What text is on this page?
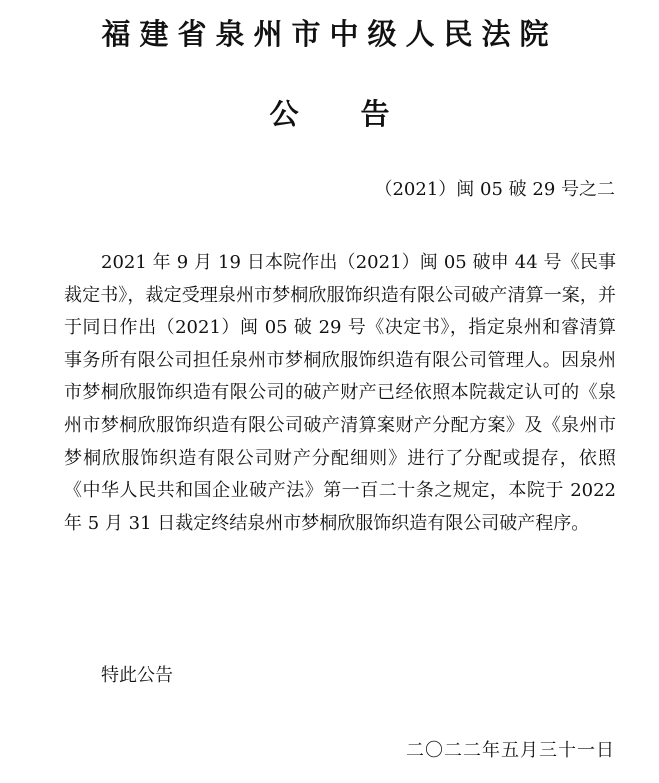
福建省泉州市中级人民法院
公 告
（2021）闽 05 破 29 号之二
2021 年 9 月 19 日本院作出（2021）闽 05 破申 44 号《民事裁定书》，裁定受理泉州市梦桐欣服饰织造有限公司破产清算一案，并于同日作出（2021）闽 05 破 29 号《决定书》，指定泉州和睿清算事务所有限公司担任泉州市梦桐欣服饰织造有限公司管理人。因泉州市梦桐欣服饰织造有限公司的破产财产已经依照本院裁定认可的《泉州市梦桐欣服饰织造有限公司破产清算案财产分配方案》及《泉州市梦桐欣服饰织造有限公司财产分配细则》进行了分配或提存，依照《中华人民共和国企业破产法》第一百二十条之规定，本院于 2022 年 5 月 31 日裁定终结泉州市梦桐欣服饰织造有限公司破产程序。
特此公告
二〇二二年五月三十一日
